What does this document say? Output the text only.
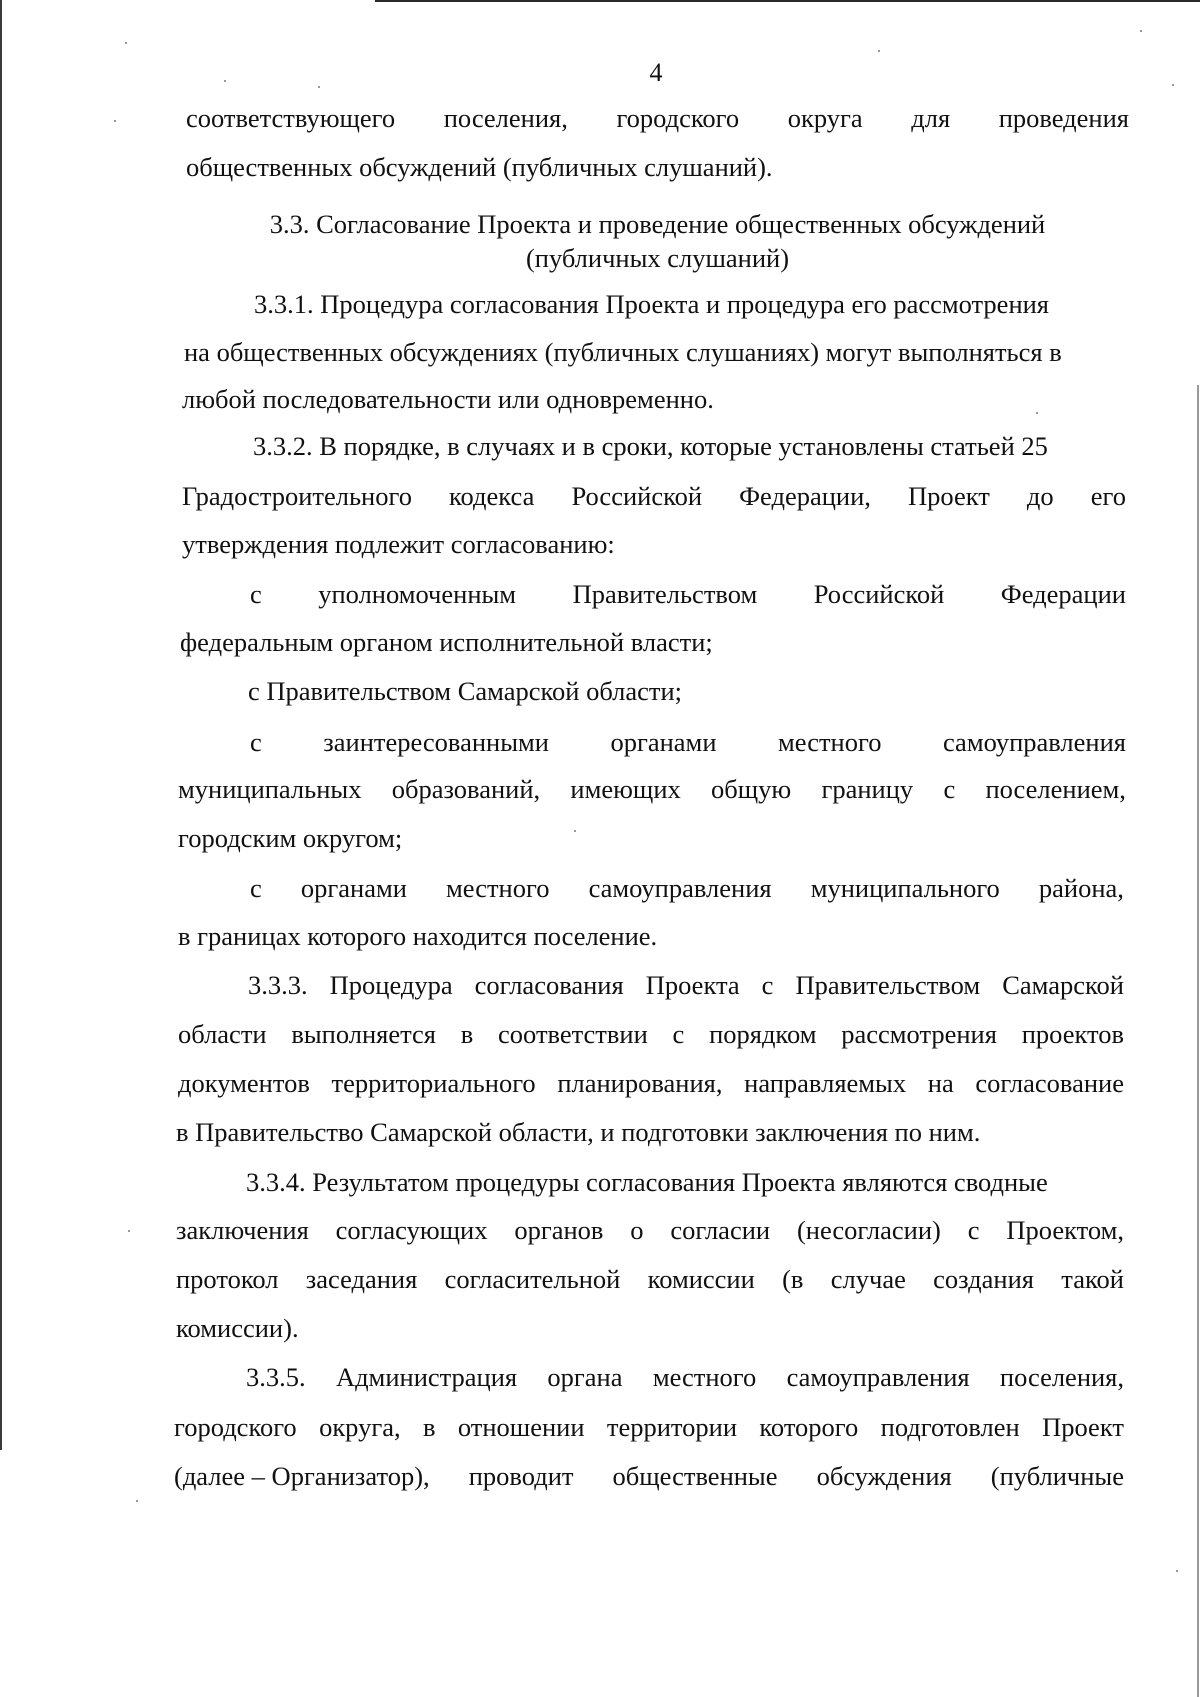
4
соответствующего поселения, городского округа для проведения
общественных обсуждений (публичных слушаний).
3.3. Согласование Проекта и проведение общественных обсуждений
(публичных слушаний)
3.3.1. Процедура согласования Проекта и процедура его рассмотрения
на общественных обсуждениях (публичных слушаниях) могут выполняться в
любой последовательности или одновременно.
3.3.2. В порядке, в случаях и в сроки, которые установлены статьей 25
Градостроительного кодекса Российской Федерации, Проект до его
утверждения подлежит согласованию:
с уполномоченным Правительством Российской Федерации
федеральным органом исполнительной власти;
с Правительством Самарской области;
с заинтересованными органами местного самоуправления
муниципальных образований, имеющих общую границу с поселением,
городским округом;
с органами местного самоуправления муниципального района,
в границах которого находится поселение.
3.3.3. Процедура согласования Проекта с Правительством Самарской
области выполняется в соответствии с порядком рассмотрения проектов
документов территориального планирования, направляемых на согласование
в Правительство Самарской области, и подготовки заключения по ним.
3.3.4. Результатом процедуры согласования Проекта являются сводные
заключения согласующих органов о согласии (несогласии) с Проектом,
протокол заседания согласительной комиссии (в случае создания такой
комиссии).
3.3.5. Администрация органа местного самоуправления поселения,
городского округа, в отношении территории которого подготовлен Проект
(далее – Организатор), проводит общественные обсуждения (публичные
